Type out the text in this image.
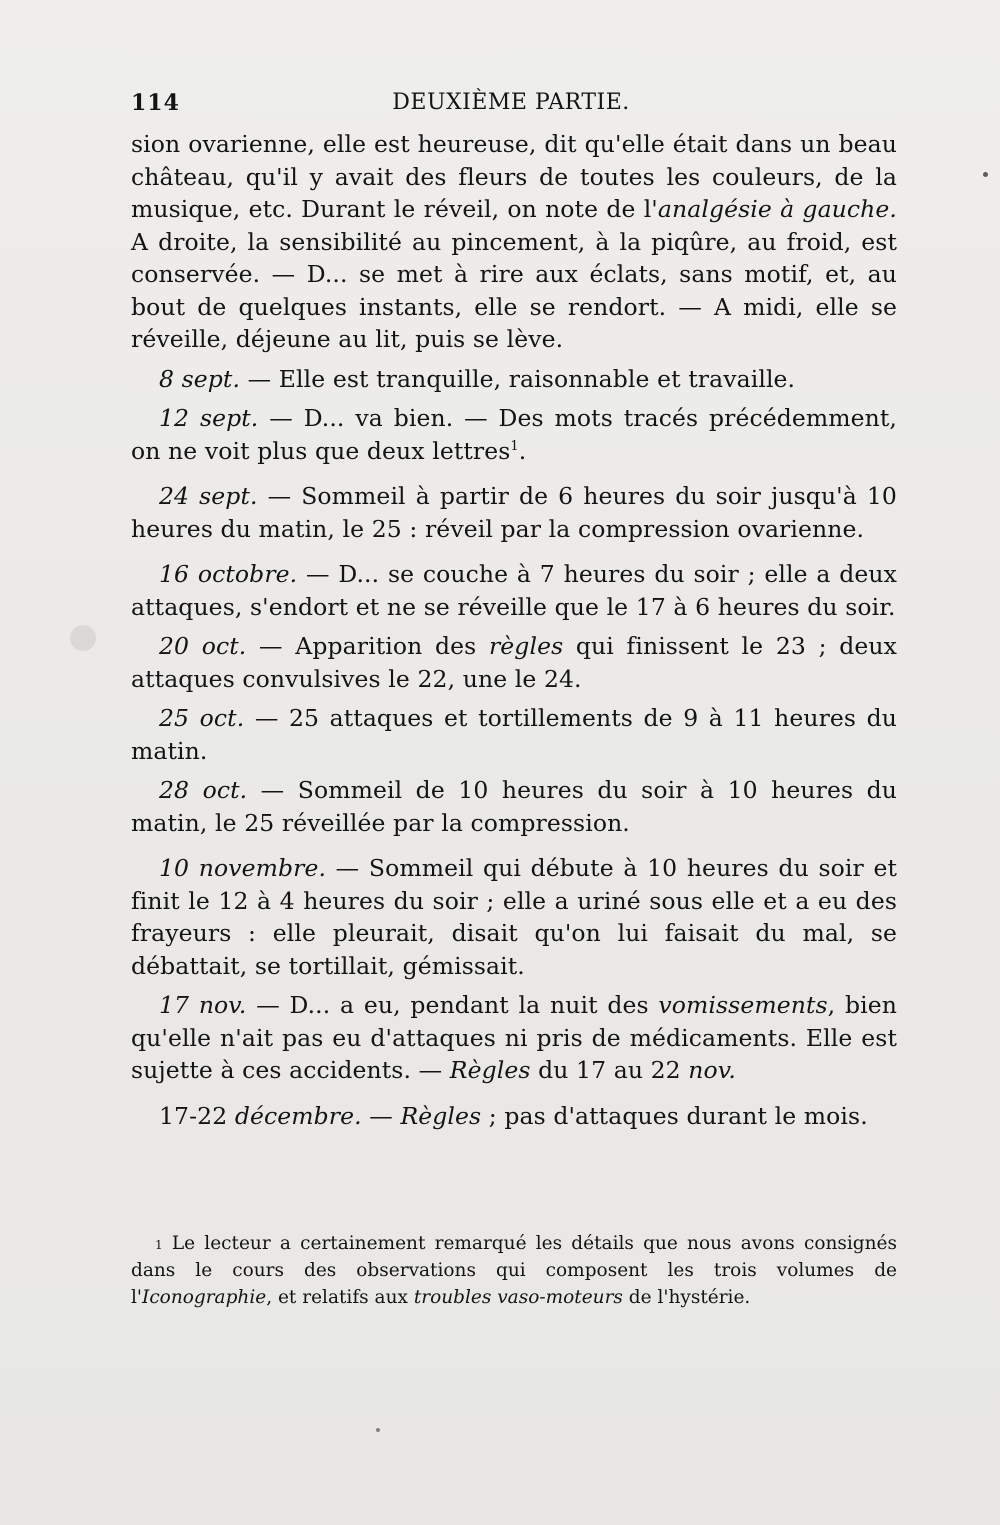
114	DEUXIÈME PARTIE.

sion ovarienne, elle est heureuse, dit qu'elle était dans un beau château, qu'il y avait des fleurs de toutes les couleurs, de la musique, etc. Durant le réveil, on note de l'analgésie à gauche. A droite, la sensibilité au pincement, à la piqûre, au froid, est conservée. — D... se met à rire aux éclats, sans motif, et, au bout de quelques instants, elle se rendort. — A midi, elle se réveille, déjeune au lit, puis se lève.

8 sept. — Elle est tranquille, raisonnable et travaille.

12 sept. — D... va bien. — Des mots tracés précédemment, on ne voit plus que deux lettres$^1$.

24 sept. — Sommeil à partir de 6 heures du soir jusqu'à 10 heures du matin, le 25 : réveil par la compression ovarienne.

16 octobre. — D... se couche à 7 heures du soir ; elle a deux attaques, s'endort et ne se réveille que le 17 à 6 heures du soir.

20 oct. — Apparition des règles qui finissent le 23 ; deux attaques convulsives le 22, une le 24.

25 oct. — 25 attaques et tortillements de 9 à 11 heures du matin.

28 oct. — Sommeil de 10 heures du soir à 10 heures du matin, le 25 réveillée par la compression.

10 novembre. — Sommeil qui débute à 10 heures du soir et finit le 12 à 4 heures du soir ; elle a uriné sous elle et a eu des frayeurs : elle pleurait, disait qu'on lui faisait du mal, se débattait, se tortillait, gémissait.

17 nov. — D... a eu, pendant la nuit des vomissements, bien qu'elle n'ait pas eu d'attaques ni pris de médicaments. Elle est sujette à ces accidents. — Règles du 17 au 22 nov.

17-22 décembre. — Règles ; pas d'attaques durant le mois.

$^1$ Le lecteur a certainement remarqué les détails que nous avons consignés dans le cours des observations qui composent les trois volumes de l'Iconographie, et relatifs aux troubles vaso-moteurs de l'hystérie.
